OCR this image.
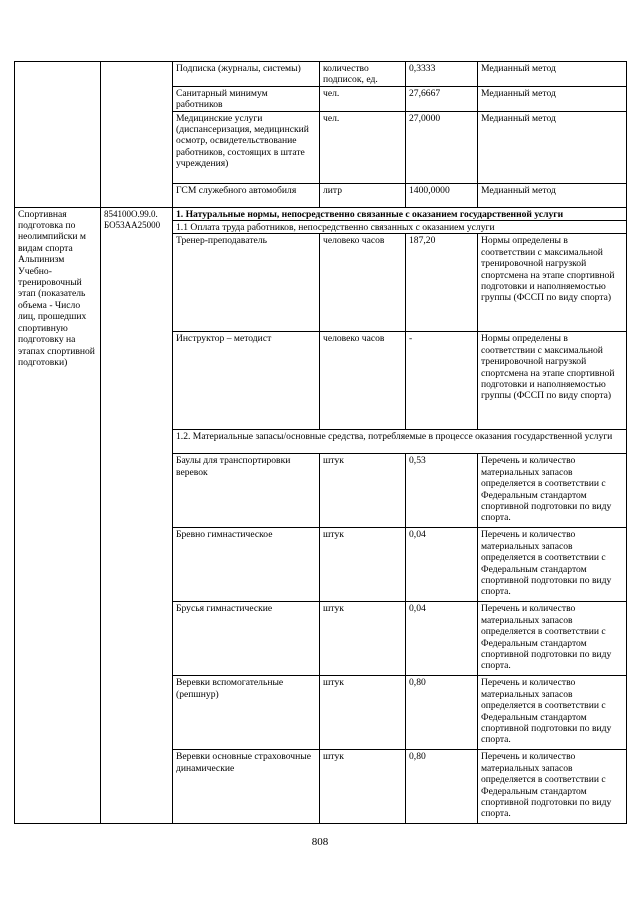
		Подписка (журналы, системы)	количество подписок, ед.	0,3333	Медианный метод
		Санитарный минимум работников	чел.	27,6667	Медианный метод
		Медицинские услуги (диспансеризация, медицинский осмотр, освидетельствование работников, состоящих в штате учреждения)	чел.	27,0000	Медианный метод
		ГСМ служебного автомобиля	литр	1400,0000	Медианный метод
Спортивная подготовка по неолимпийски м видам спорта Альпинизм Учебно-тренировочный этап (показатель объема - Число лиц, прошедших спортивную подготовку на этапах спортивной подготовки)	854100О.99.0. БО53АА25000	1. Натуральные нормы, непосредственно связанные с оказанием государственной услуги			
		1.1 Оплата труда работников, непосредственно связанных с оказанием услуги			
		Тренер-преподаватель	человеко часов	187,20	Нормы определены в соответствии с максимальной тренировочной нагрузкой спортсмена на этапе спортивной подготовки и наполняемостью группы (ФССП по виду спорта)
		Инструктор – методист	человеко часов	-	Нормы определены в соответствии с максимальной тренировочной нагрузкой спортсмена на этапе спортивной подготовки и наполняемостью группы (ФССП по виду спорта)
		1.2. Материальные запасы/основные средства, потребляемые в процессе оказания государственной услуги			
		Баулы для транспортировки веревок	штук	0,53	Перечень и количество материальных запасов определяется в соответствии с Федеральным стандартом спортивной подготовки по виду спорта.
		Бревно гимнастическое	штук	0,04	Перечень и количество материальных запасов определяется в соответствии с Федеральным стандартом спортивной подготовки по виду спорта.
		Брусья гимнастические	штук	0,04	Перечень и количество материальных запасов определяется в соответствии с Федеральным стандартом спортивной подготовки по виду спорта.
		Веревки вспомогательные (репшнур)	штук	0,80	Перечень и количество материальных запасов определяется в соответствии с Федеральным стандартом спортивной подготовки по виду спорта.
		Веревки основные страховочные динамические	штук	0,80	Перечень и количество материальных запасов определяется в соответствии с Федеральным стандартом спортивной подготовки по виду спорта.
808
